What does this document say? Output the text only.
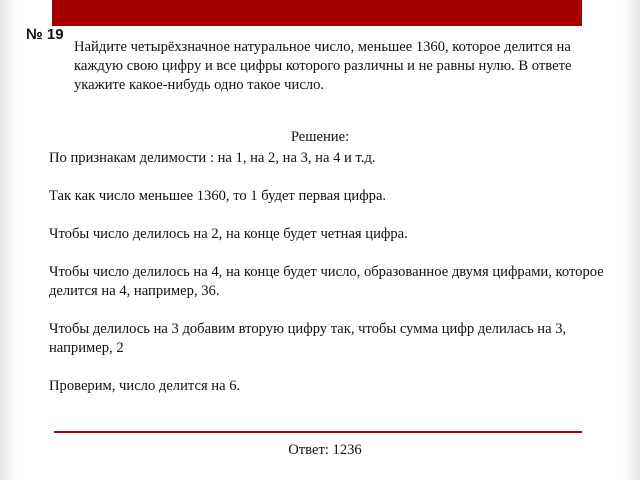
№ 19
Найдите четырёхзначное натуральное число, меньшее 1360, которое делится на каждую свою цифру и все цифры которого различны и не равны нулю. В ответе укажите какое-нибудь одно такое число.
Решение:

По признакам делимости : на 1, на 2, на 3, на 4 и т.д.

Так как число меньшее 1360, то 1 будет первая цифра.

Чтобы число делилось на 2, на конце будет четная цифра.

Чтобы число делилось на 4, на конце будет число, образованное двумя цифрами, которое делится на 4, например, 36.

Чтобы делилось на 3 добавим вторую цифру так, чтобы сумма цифр делилась на 3, например, 2

Проверим, число делится на 6.

Ответ: 1236
